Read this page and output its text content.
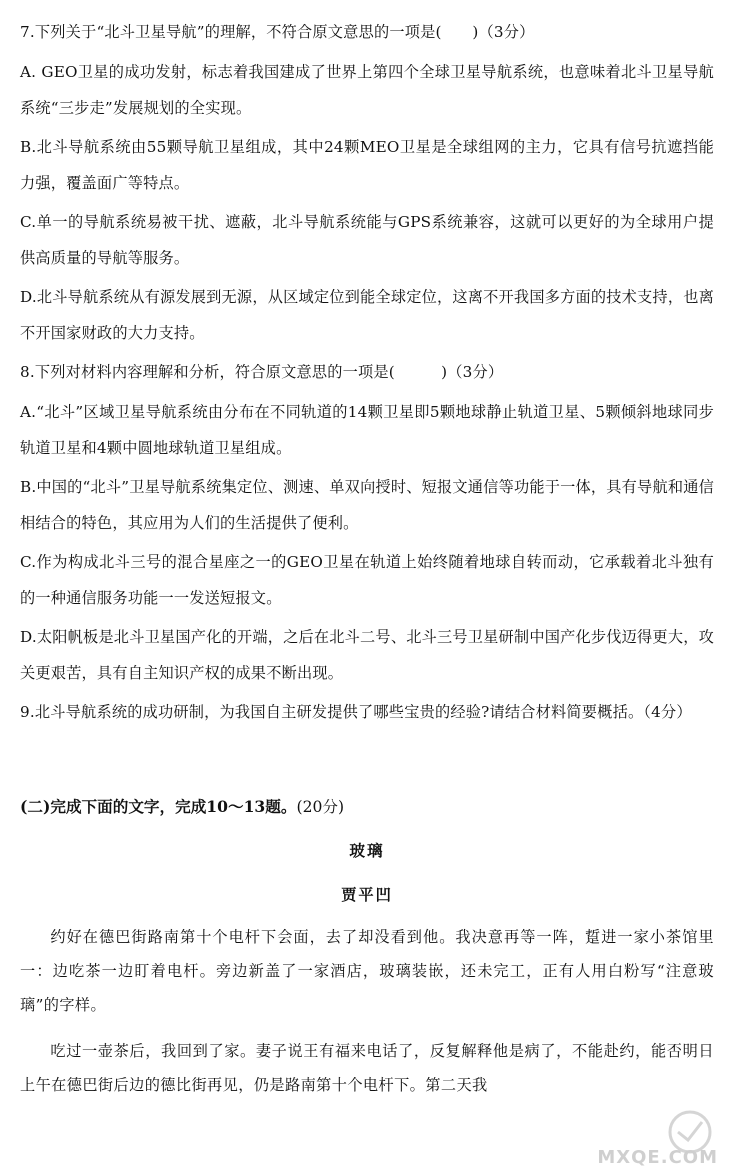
7.下列关于“北斗卫星导航”的理解，不符合原文意思的一项是(　　)（3分）

A. GEO卫星的成功发射，标志着我国建成了世界上第四个全球卫星导航系统，也意味着北斗卫星导航系统“三步走”发展规划的全实现。

B.北斗导航系统由55颗导航卫星组成，其中24颗MEO卫星是全球组网的主力，它具有信号抗遮挡能力强，覆盖面广等特点。

C.单一的导航系统易被干扰、遮蔽，北斗导航系统能与GPS系统兼容，这就可以更好的为全球用户提供高质量的导航等服务。

D.北斗导航系统从有源发展到无源，从区域定位到能全球定位，这离不开我国多方面的技术支持，也离不开国家财政的大力支持。

8.下列对材料内容理解和分析，符合原文意思的一项是(　　　)（3分）

A.“北斗”区域卫星导航系统由分布在不同轨道的14颗卫星即5颗地球静止轨道卫星、5颗倾斜地球同步轨道卫星和4颗中圆地球轨道卫星组成。

B.中国的“北斗”卫星导航系统集定位、测速、单双向授时、短报文通信等功能于一体，具有导航和通信相结合的特色，其应用为人们的生活提供了便利。

C.作为构成北斗三号的混合星座之一的GEO卫星在轨道上始终随着地球自转而动，它承载着北斗独有的一种通信服务功能一一发送短报文。

D.太阳帆板是北斗卫星国产化的开端，之后在北斗二号、北斗三号卫星研制中国产化步伐迈得更大，攻关更艰苦，具有自主知识产权的成果不断出现。

9.北斗导航系统的成功研制，为我国自主研发提供了哪些宝贵的经验?请结合材料简要概括。（4分）

(二)完成下面的文字，完成10～13题。(20分)

玻璃

贾平凹

约好在德巴街路南第十个电杆下会面，去了却没看到他。我决意再等一阵，踅进一家小茶馆里一：边吃茶一边盯着电杆。旁边新盖了一家酒店，玻璃装嵌，还未完工，正有人用白粉写“注意玻璃”的字样。

吃过一壶茶后，我回到了家。妻子说王有福来电话了，反复解释他是病了，不能赴约，能否明日上午在德巴街后边的德比街再见，仍是路南第十个电杆下。第二天我

MXQE.COM
